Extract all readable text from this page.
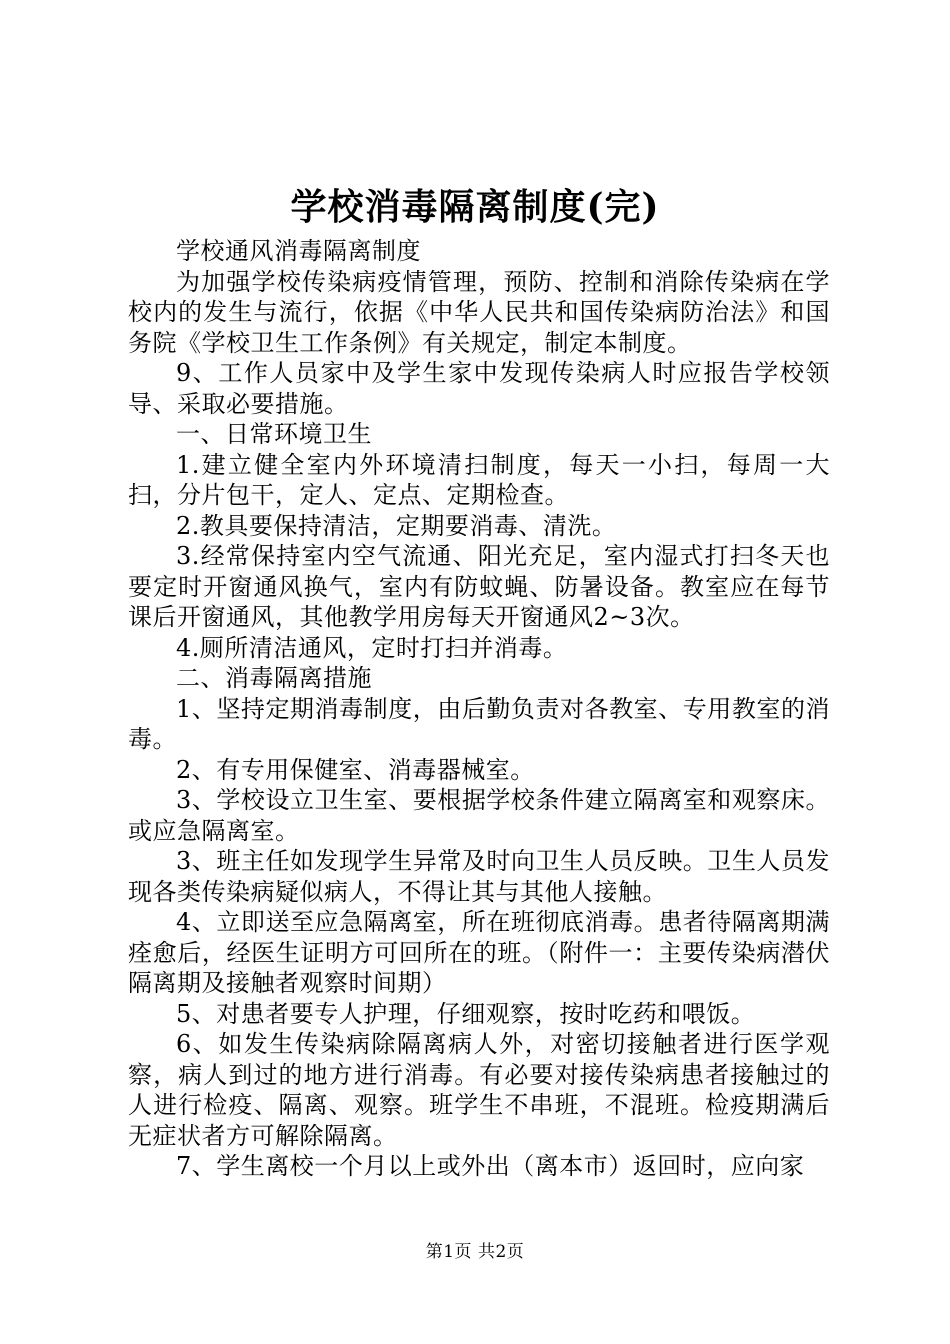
学校消毒隔离制度(完)

学校通风消毒隔离制度

为加强学校传染病疫情管理，预防、控制和消除传染病在学校内的发生与流行，依据《中华人民共和国传染病防治法》和国务院《学校卫生工作条例》有关规定，制定本制度。

9、工作人员家中及学生家中发现传染病人时应报告学校领导、采取必要措施。

一、日常环境卫生

1.建立健全室内外环境清扫制度，每天一小扫，每周一大扫，分片包干，定人、定点、定期检查。

2.教具要保持清洁，定期要消毒、清洗。

3.经常保持室内空气流通、阳光充足，室内湿式打扫冬天也要定时开窗通风换气，室内有防蚊蝇、防暑设备。教室应在每节课后开窗通风，其他教学用房每天开窗通风2~3次。

4.厕所清洁通风，定时打扫并消毒。

二、消毒隔离措施

1、坚持定期消毒制度，由后勤负责对各教室、专用教室的消毒。

2、有专用保健室、消毒器械室。

3、学校设立卫生室、要根据学校条件建立隔离室和观察床。或应急隔离室。

3、班主任如发现学生异常及时向卫生人员反映。卫生人员发现各类传染病疑似病人，不得让其与其他人接触。

4、立即送至应急隔离室，所在班彻底消毒。患者待隔离期满痊愈后，经医生证明方可回所在的班。（附件一：主要传染病潜伏隔离期及接触者观察时间期）

5、对患者要专人护理，仔细观察，按时吃药和喂饭。

6、如发生传染病除隔离病人外，对密切接触者进行医学观察，病人到过的地方进行消毒。有必要对接传染病患者接触过的人进行检疫、隔离、观察。班学生不串班，不混班。检疫期满后无症状者方可解除隔离。

7、学生离校一个月以上或外出（离本市）返回时，应向家

第1页 共2页
